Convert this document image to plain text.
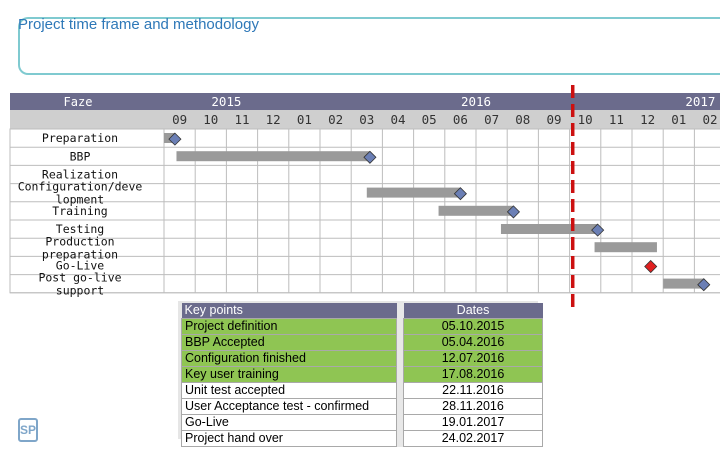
Project time frame and methodology
Faze	2015	2016	2017
09 10 11 12 01 02 03 04 05 06 07 08 09 10 11 12 01 02
Preparation
BBP
Realization
Configuration/deve lopment
Training
Testing
Production preparation
Go-Live
Post go-live support
Key points		Dates
Project definition		05.10.2015
BBP Accepted		05.04.2016
Configuration finished		12.07.2016
Key user training		17.08.2016
Unit test accepted		22.11.2016
User Acceptance test - confirmed		28.11.2016
Go-Live		19.01.2017
Project hand over		24.02.2017
SP
